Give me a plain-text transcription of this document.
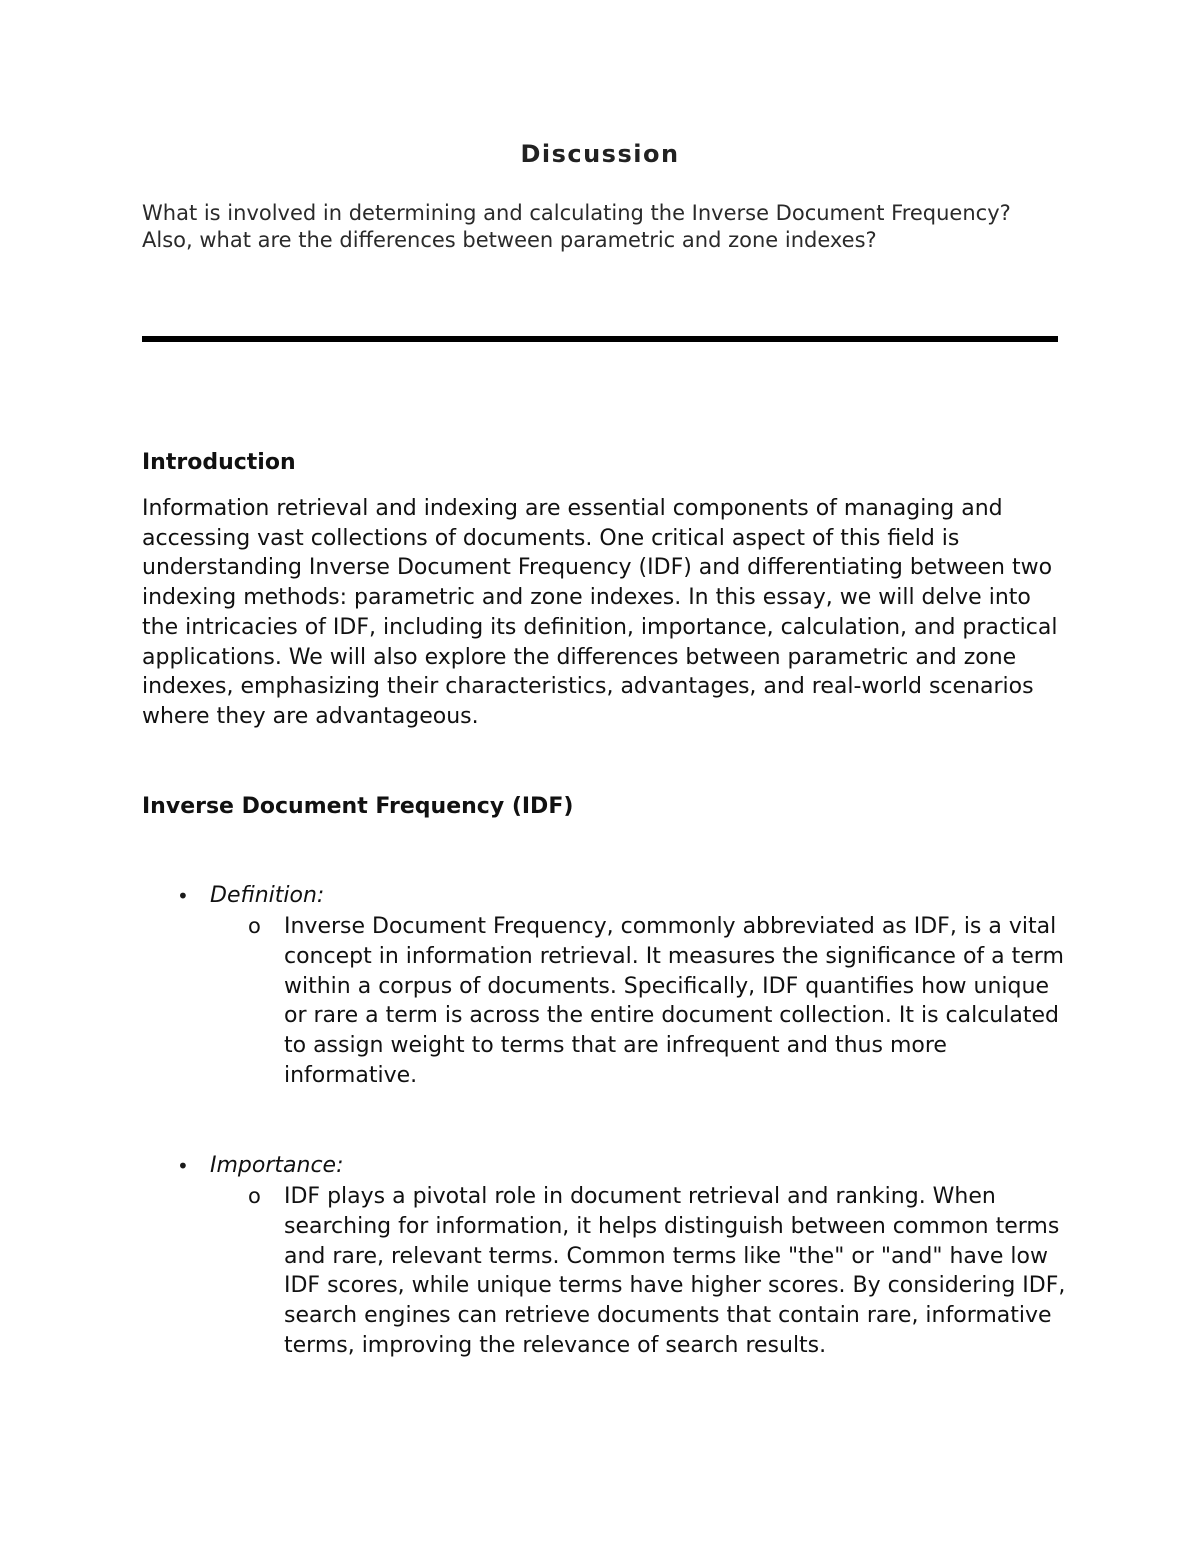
Discussion
What is involved in determining and calculating the Inverse Document Frequency?  Also, what are the differences between parametric and zone indexes?
Introduction
Information retrieval and indexing are essential components of managing and accessing vast collections of documents. One critical aspect of this field is understanding Inverse Document Frequency (IDF) and differentiating between two indexing methods: parametric and zone indexes. In this essay, we will delve into the intricacies of IDF, including its definition, importance, calculation, and practical applications. We will also explore the differences between parametric and zone indexes, emphasizing their characteristics, advantages, and real-world scenarios where they are advantageous.
Inverse Document Frequency (IDF)
• Definition:
o Inverse Document Frequency, commonly abbreviated as IDF, is a vital concept in information retrieval. It measures the significance of a term within a corpus of documents. Specifically, IDF quantifies how unique or rare a term is across the entire document collection. It is calculated to assign weight to terms that are infrequent and thus more informative.
• Importance:
o IDF plays a pivotal role in document retrieval and ranking. When searching for information, it helps distinguish between common terms and rare, relevant terms. Common terms like "the" or "and" have low IDF scores, while unique terms have higher scores. By considering IDF, search engines can retrieve documents that contain rare, informative terms, improving the relevance of search results.
